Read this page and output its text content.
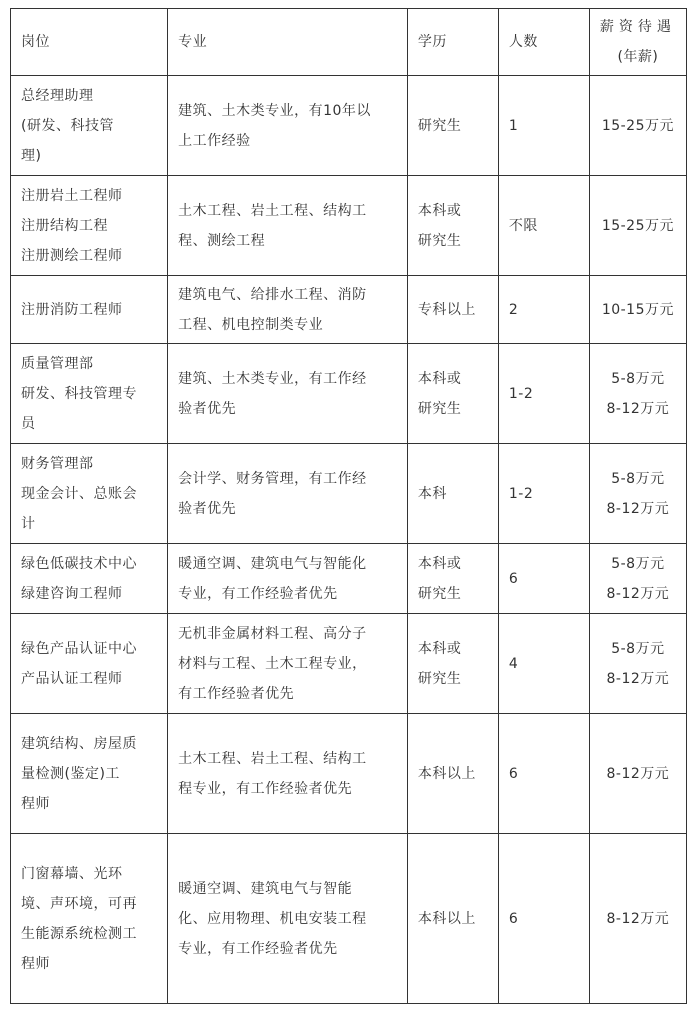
岗位	专业	学历	人数	薪资待遇
(年薪)

总经理助理
(研发、科技管
理)	建筑、土木类专业，有10年以
上工作经验	研究生	1	15-25万元

注册岩土工程师
注册结构工程
注册测绘工程师	土木工程、岩土工程、结构工
程、测绘工程	本科或
研究生	不限	15-25万元

注册消防工程师	建筑电气、给排水工程、消防
工程、机电控制类专业	专科以上	2	10-15万元

质量管理部
研发、科技管理专
员	建筑、土木类专业，有工作经
验者优先	本科或
研究生	1-2	5-8万元
8-12万元

财务管理部
现金会计、总账会
计	会计学、财务管理，有工作经
验者优先	本科	1-2	5-8万元
8-12万元

绿色低碳技术中心
绿建咨询工程师	暖通空调、建筑电气与智能化
专业，有工作经验者优先	本科或
研究生	6	5-8万元
8-12万元

绿色产品认证中心
产品认证工程师	无机非金属材料工程、高分子
材料与工程、土木工程专业，
有工作经验者优先	本科或
研究生	4	5-8万元
8-12万元

建筑结构、房屋质
量检测(鉴定)工
程师	土木工程、岩土工程、结构工
程专业，有工作经验者优先	本科以上	6	8-12万元

门窗幕墙、光环
境、声环境，可再
生能源系统检测工
程师	暖通空调、建筑电气与智能
化、应用物理、机电安装工程
专业，有工作经验者优先	本科以上	6	8-12万元
